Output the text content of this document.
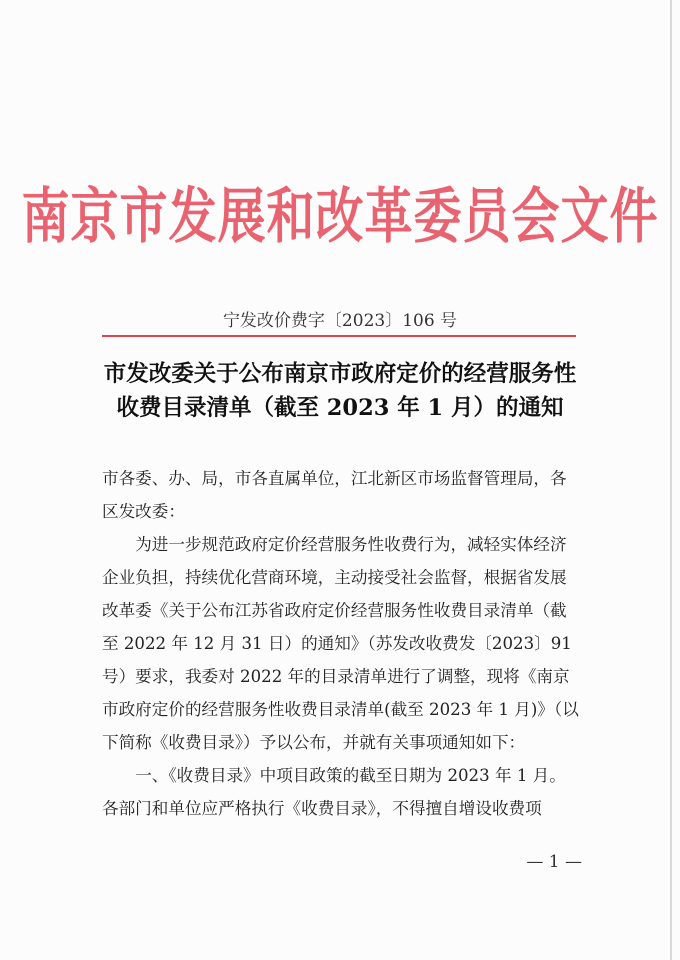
南京市发展和改革委员会文件
宁发改价费字〔2023〕106 号
市发改委关于公布南京市政府定价的经营服务性
收费目录清单（截至 2023 年 1 月）的通知

市各委、办、局，市各直属单位，江北新区市场监督管理局，各区发改委：

为进一步规范政府定价经营服务性收费行为，减轻实体经济企业负担，持续优化营商环境，主动接受社会监督，根据省发展改革委《关于公布江苏省政府定价经营服务性收费目录清单（截至 2022 年 12 月 31 日）的通知》（苏发改收费发〔2023〕91 号）要求，我委对 2022 年的目录清单进行了调整，现将《南京市政府定价的经营服务性收费目录清单(截至 2023 年 1 月)》（以下简称《收费目录》）予以公布，并就有关事项通知如下：

一、《收费目录》中项目政策的截至日期为 2023 年 1 月。各部门和单位应严格执行《收费目录》，不得擅自增设收费项

— 1 —
